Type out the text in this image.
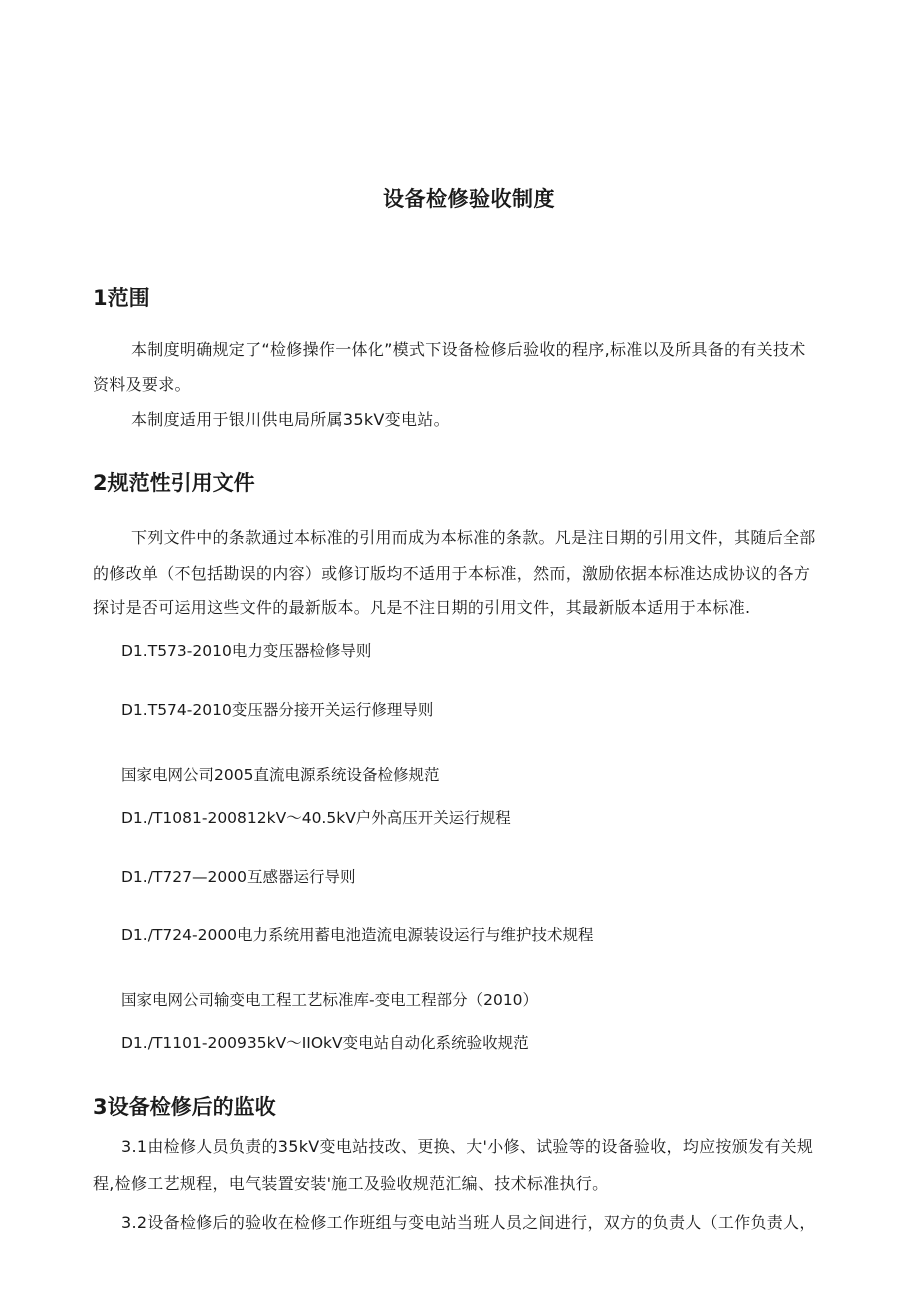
设备检修验收制度
1范围

本制度明确规定了“检修操作一体化”模式下设备检修后验收的程序,标准以及所具备的有关技术

资料及要求。

本制度适用于银川供电局所属35kV变电站。

2规范性引用文件

下列文件中的条款通过本标准的引用而成为本标准的条款。凡是注日期的引用文件，其随后全部

的修改单（不包括勘误的内容）或修订版均不适用于本标准，然而，激励依据本标准达成协议的各方

探讨是否可运用这些文件的最新版本。凡是不注日期的引用文件，其最新版本适用于本标准.

D1.T573-2010电力变压器检修导则

D1.T574-2010变压器分接开关运行修理导则

国家电网公司2005直流电源系统设备检修规范

D1./T1081-200812kV～40.5kV户外高压开关运行规程

D1./T727—2000互感器运行导则

D1./T724-2000电力系统用蓄电池造流电源装设运行与维护技术规程

国家电网公司输变电工程工艺标准库-变电工程部分（2010）

D1./T1101-200935kV～IIOkV变电站自动化系统验收规范

3设备检修后的监收

3.1由检修人员负责的35kV变电站技改、更换、大'小修、试验等的设备验收，均应按颁发有关规

程,检修工艺规程，电气装置安装'施工及验收规范汇编、技术标准执行。

3.2设备检修后的验收在检修工作班组与变电站当班人员之间进行，双方的负责人（工作负责人，
